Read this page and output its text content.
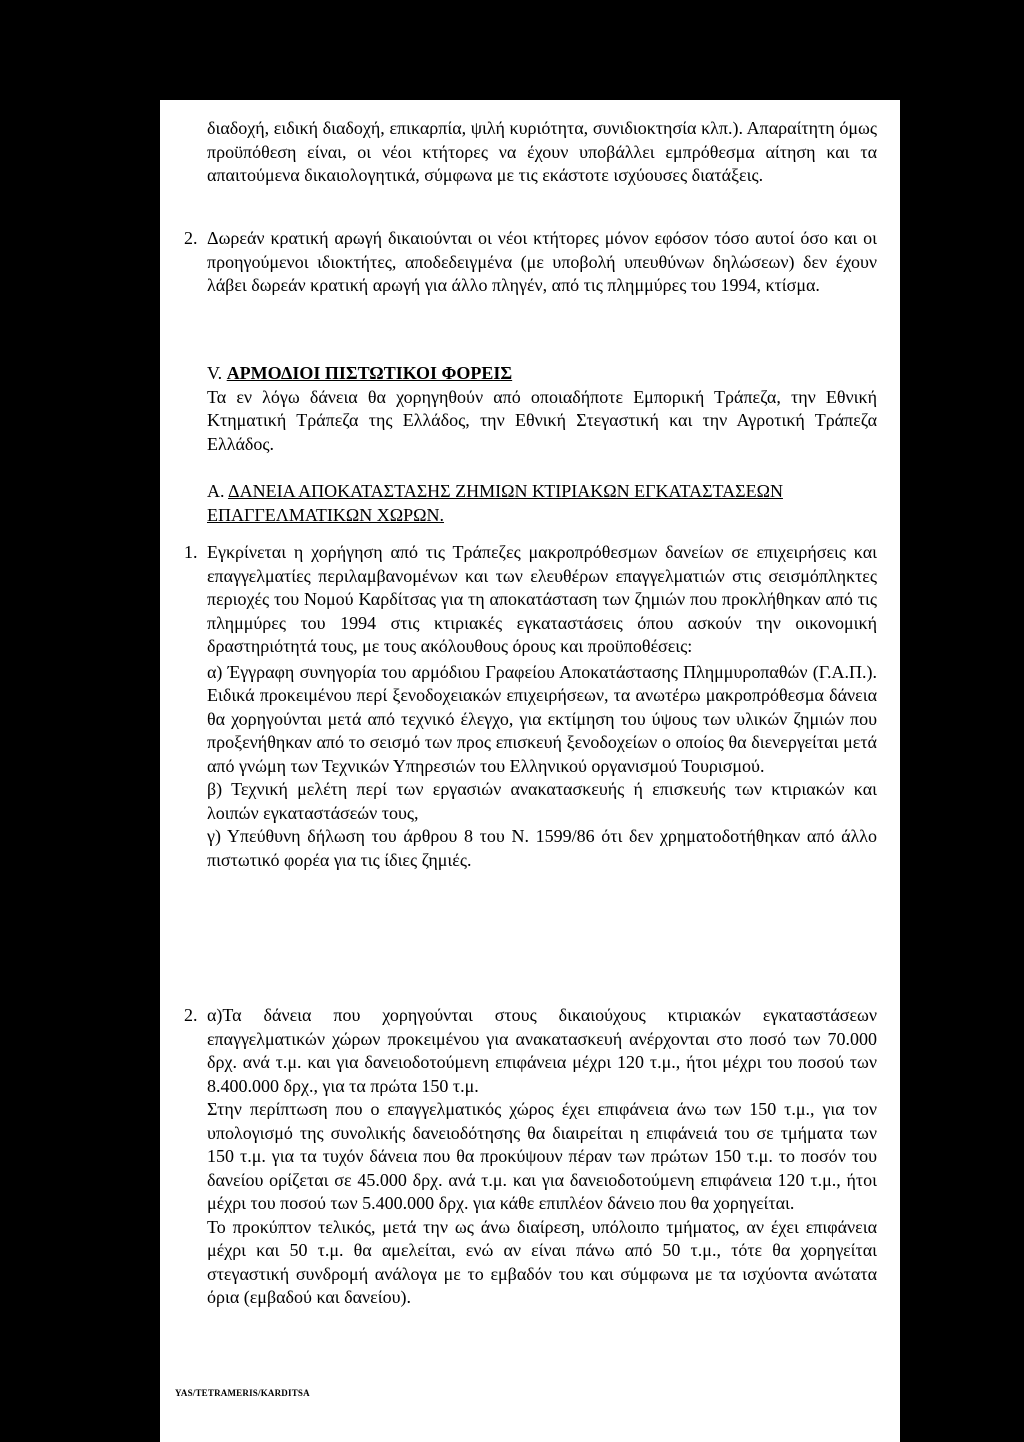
διαδοχή, ειδική διαδοχή, επικαρπία, ψιλή κυριότητα, συνιδιοκτησία κλπ.). Απαραίτητη όμως προϋπόθεση είναι, οι νέοι κτήτορες να έχουν υποβάλλει εμπρόθεσμα αίτηση και τα απαιτούμενα δικαιολογητικά, σύμφωνα με τις εκάστοτε ισχύουσες διατάξεις.

2. Δωρεάν κρατική αρωγή δικαιούνται οι νέοι κτήτορες μόνον εφόσον τόσο αυτοί όσο και οι προηγούμενοι ιδιοκτήτες, αποδεδειγμένα (με υποβολή υπευθύνων δηλώσεων) δεν έχουν λάβει δωρεάν κρατική αρωγή για άλλο πληγέν, από τις πλημμύρες του 1994, κτίσμα.

V. ΑΡΜΟΔΙΟΙ ΠΙΣΤΩΤΙΚΟΙ ΦΟΡΕΙΣ

Τα εν λόγω δάνεια θα χορηγηθούν από οποιαδήποτε Εμπορική Τράπεζα, την Εθνική Κτηματική Τράπεζα της Ελλάδος, την Εθνική Στεγαστική και την Αγροτική Τράπεζα Ελλάδος.

Α. ΔΑΝΕΙΑ ΑΠΟΚΑΤΑΣΤΑΣΗΣ ΖΗΜΙΩΝ ΚΤΙΡΙΑΚΩΝ ΕΓΚΑΤΑΣΤΑΣΕΩΝ ΕΠΑΓΓΕΛΜΑΤΙΚΩΝ ΧΩΡΩΝ.

1. Εγκρίνεται η χορήγηση από τις Τράπεζες μακροπρόθεσμων δανείων σε επιχειρήσεις και επαγγελματίες περιλαμβανομένων και των ελευθέρων επαγγελματιών στις σεισμόπληκτες περιοχές του Νομού Καρδίτσας για τη αποκατάσταση των ζημιών που προκλήθηκαν από τις πλημμύρες του 1994 στις κτιριακές εγκαταστάσεις όπου ασκούν την οικονομική δραστηριότητά τους, με τους ακόλουθους όρους και προϋποθέσεις:

α) Έγγραφη συνηγορία του αρμόδιου Γραφείου Αποκατάστασης Πλημμυροπαθών (Γ.Α.Π.). Ειδικά προκειμένου περί ξενοδοχειακών επιχειρήσεων, τα ανωτέρω μακροπρόθεσμα δάνεια θα χορηγούνται μετά από τεχνικό έλεγχο, για εκτίμηση του ύψους των υλικών ζημιών που προξενήθηκαν από το σεισμό των προς επισκευή ξενοδοχείων ο οποίος θα διενεργείται μετά από γνώμη των Τεχνικών Υπηρεσιών του Ελληνικού οργανισμού Τουρισμού.

β) Τεχνική μελέτη περί των εργασιών ανακατασκευής ή επισκευής των κτιριακών και λοιπών εγκαταστάσεών τους,

γ) Υπεύθυνη δήλωση του άρθρου 8 του Ν. 1599/86 ότι δεν χρηματοδοτήθηκαν από άλλο πιστωτικό φορέα για τις ίδιες ζημιές.

2. α)Τα δάνεια που χορηγούνται στους δικαιούχους κτιριακών εγκαταστάσεων επαγγελματικών χώρων προκειμένου για ανακατασκευή ανέρχονται στο ποσό των 70.000 δρχ. ανά τ.μ. και για δανειοδοτούμενη επιφάνεια μέχρι 120 τ.μ., ήτοι μέχρι του ποσού των 8.400.000 δρχ., για τα πρώτα 150 τ.μ.

Στην περίπτωση που ο επαγγελματικός χώρος έχει επιφάνεια άνω των 150 τ.μ., για τον υπολογισμό της συνολικής δανειοδότησης θα διαιρείται η επιφάνειά του σε τμήματα των 150 τ.μ. για τα τυχόν δάνεια που θα προκύψουν πέραν των πρώτων 150 τ.μ. το ποσόν του δανείου ορίζεται σε 45.000 δρχ. ανά τ.μ. και για δανειοδοτούμενη επιφάνεια 120 τ.μ., ήτοι μέχρι του ποσού των 5.400.000 δρχ. για κάθε επιπλέον δάνειο που θα χορηγείται.

Το προκύπτον τελικός, μετά την ως άνω διαίρεση, υπόλοιπο τμήματος, αν έχει επιφάνεια μέχρι και 50 τ.μ. θα αμελείται, ενώ αν είναι πάνω από 50 τ.μ., τότε θα χορηγείται στεγαστική συνδρομή ανάλογα με το εμβαδόν του και σύμφωνα με τα ισχύοντα ανώτατα όρια (εμβαδού και δανείου).

YAS/TETRAMERIS/KARDITSA
